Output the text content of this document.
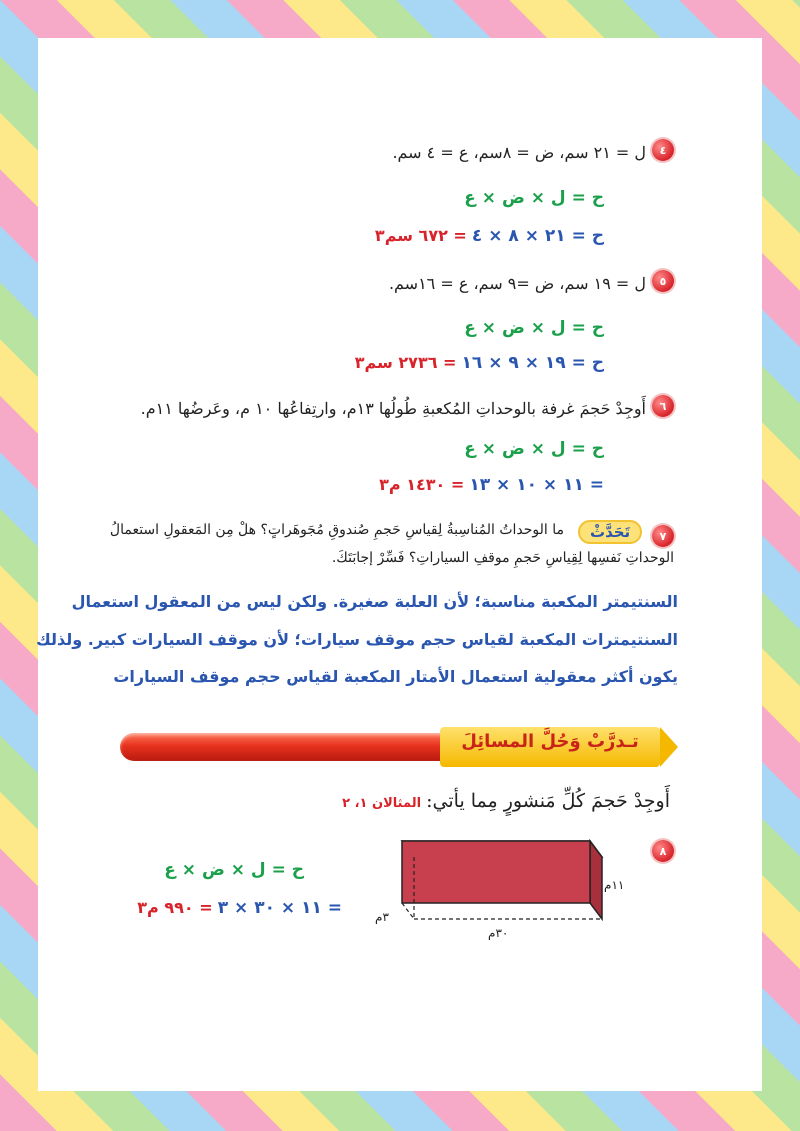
٤
ل = ٢١ سم، ض = ٨سم، ع = ٤ سم.
ح = ل × ض × ع
ح = ٢١ × ٨ × ٤ = ٦٧٢ سم٣
٥
ل = ١٩ سم، ض =٩ سم، ع = ١٦سم.
ح = ل × ض × ع
ح = ١٩ × ٩ × ١٦ = ٢٧٣٦ سم٣
٦
أَوجِدْ حَجمَ غرفة بالوحداتِ المُكعبةِ طُولُها ١٣م، وارتِفاعُها ١٠ م، وعَرضُها ١١م.
ح = ل × ض × ع
= ١١ × ١٠ × ١٣ = ١٤٣٠ م٣
٧
تَحَدَّثْ
ما الوحداتُ المُناسِبةُ لِقياسِ حَجمِ صُندوقِ مُجَوهَراتٍ؟ هلْ مِن المَعقولِ استعمالُ
الوحداتِ نَفسِها لِقِياسِ حَجمِ موقفِ السياراتِ؟ فَسِّرْ إجابَتَكَ.
السنتيمتر المكعبة مناسبة؛ لأن العلبة صغيرة. ولكن ليس من المعقول استعمال
السنتيمترات المكعبة لقياس حجم موقف سيارات؛ لأن موقف السيارات كبير. ولذلك
يكون أكثر معقولية استعمال الأمتار المكعبة لقياس حجم موقف السيارات
تـدرَّبْ وَحُلَّ المسائِلَ
أَوجِدْ حَجمَ كُلِّ مَنشورٍ مِما يأتي: المثالان ١، ٢
٨
١١م
٣٠م
٣م
ح = ل × ض × ع
= ١١ × ٣٠ × ٣ = ٩٩٠ م٣
